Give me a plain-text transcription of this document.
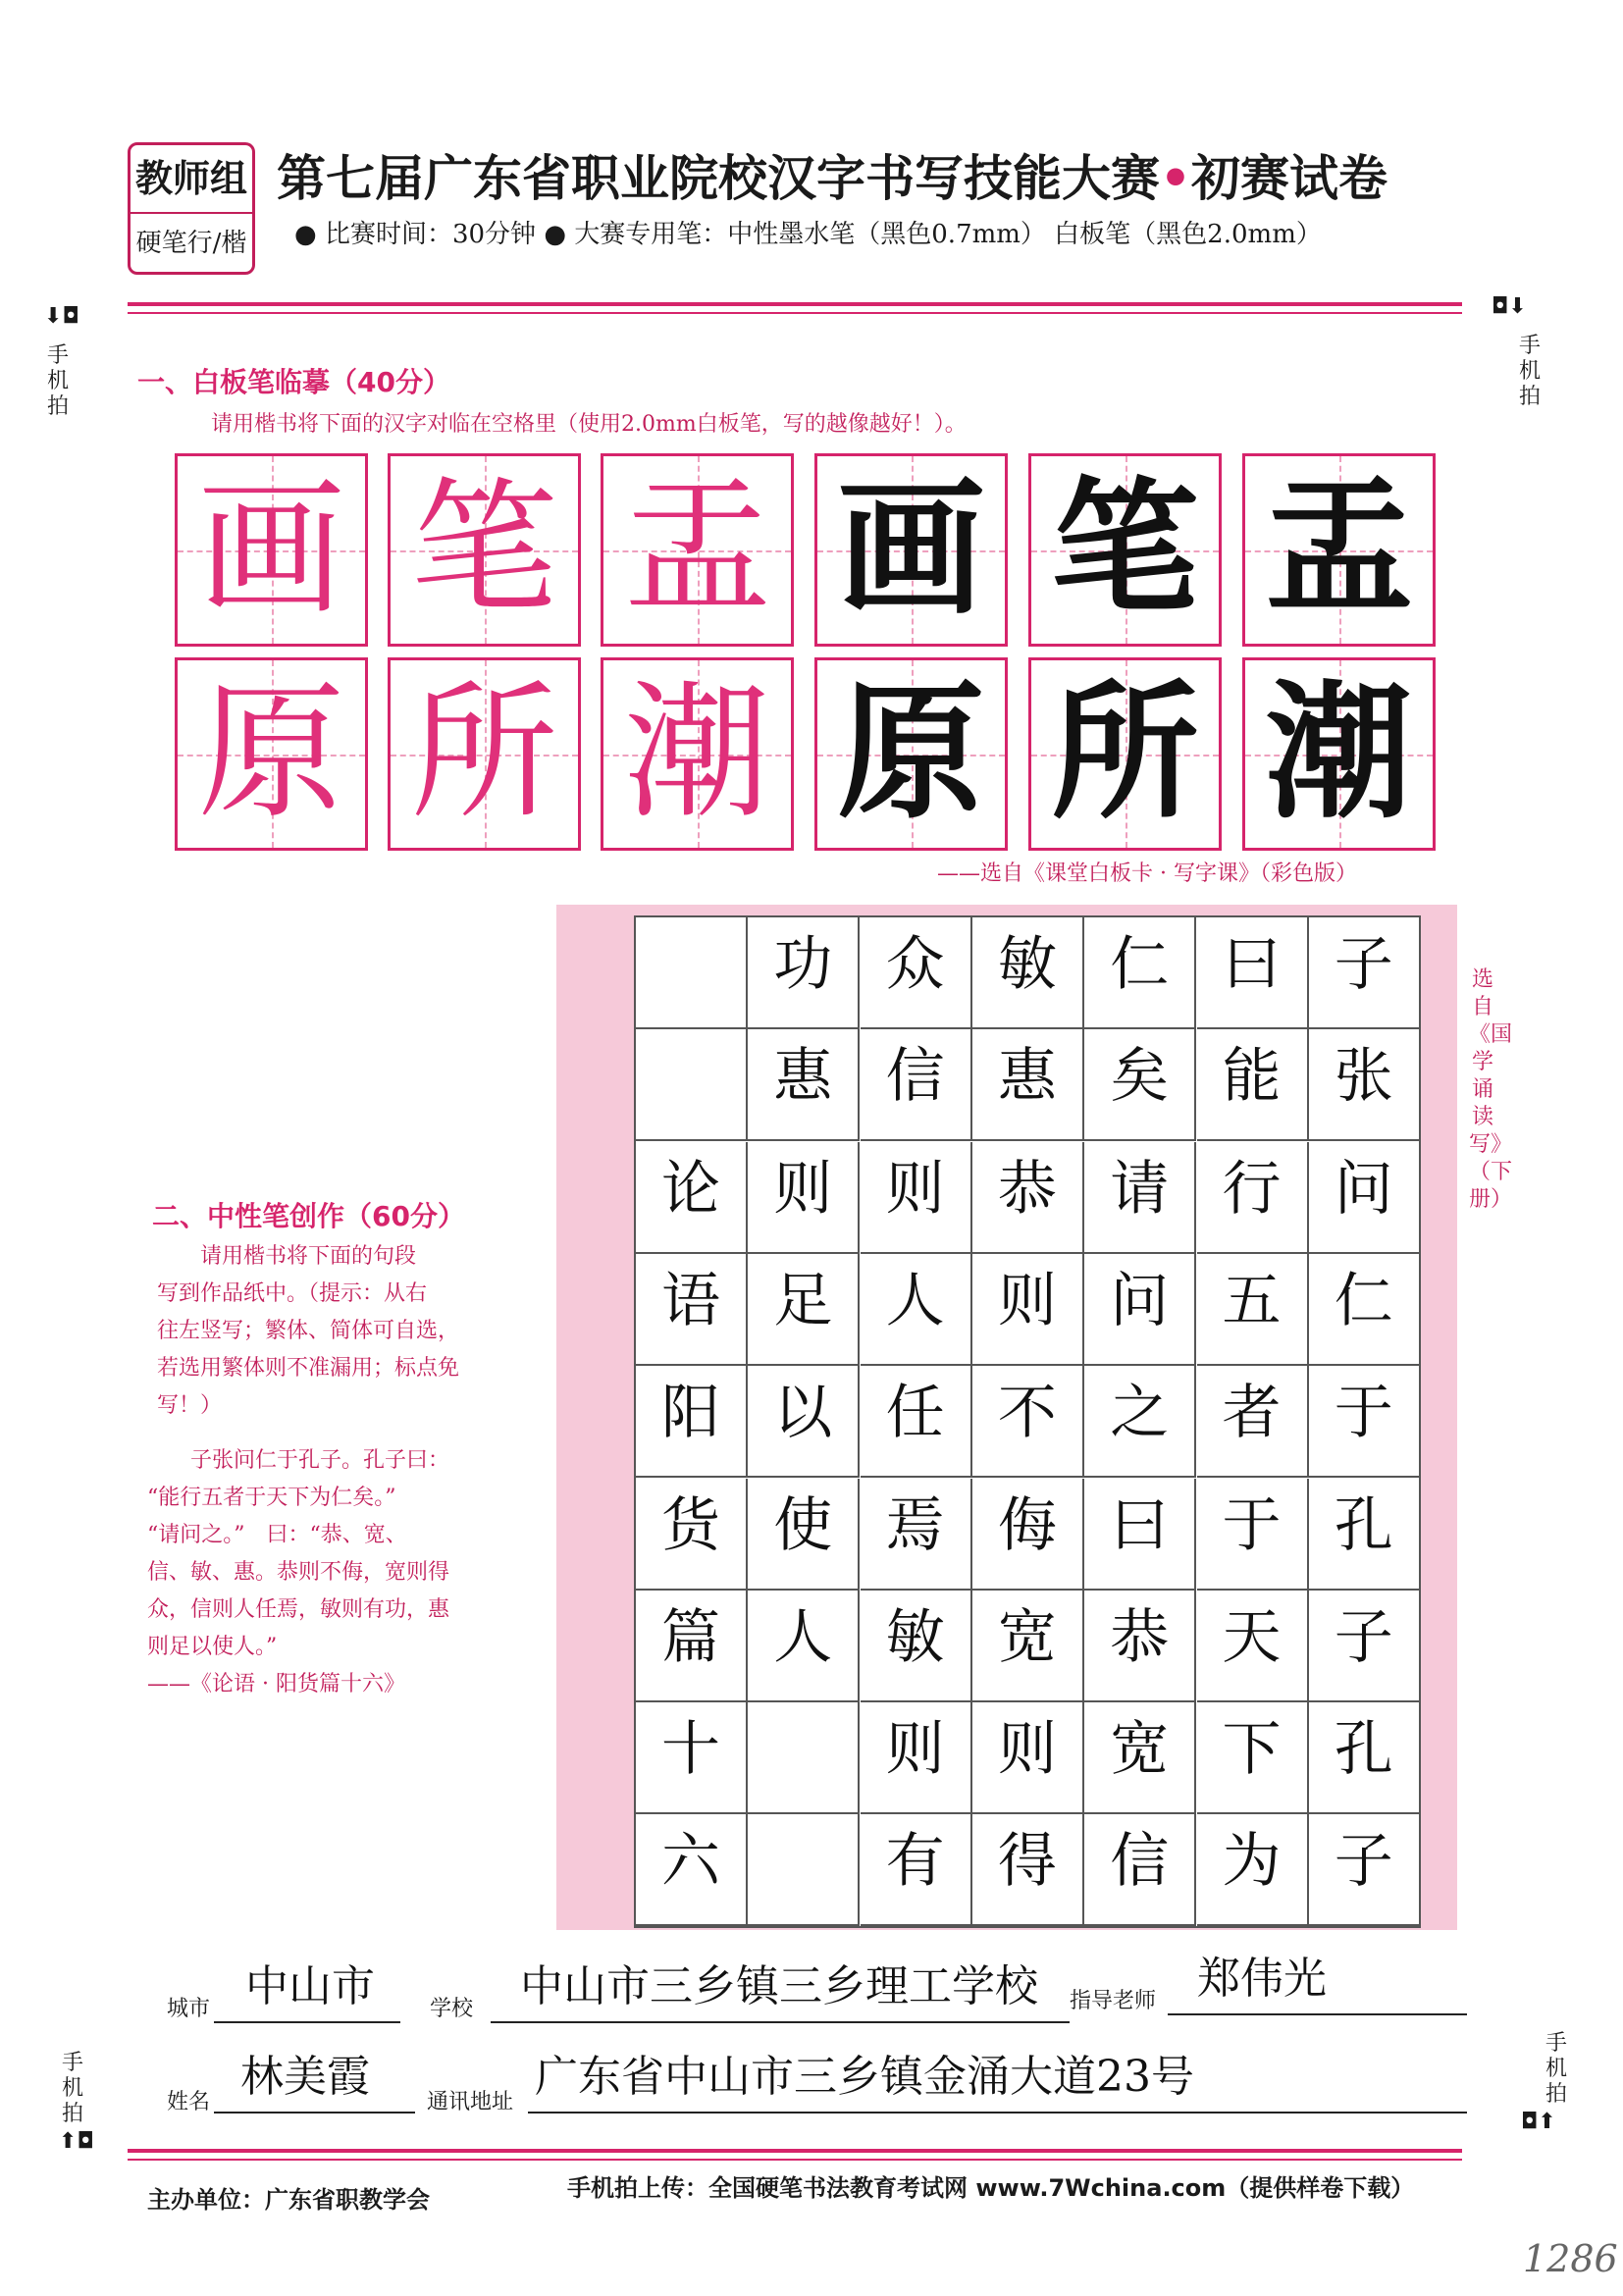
教师组
硬笔行/楷
第七届广东省职业院校汉字书写技能大赛•初赛试卷
● 比赛时间：30分钟 ● 大赛专用笔：中性墨水笔（黑色0.7mm） 白板笔（黑色2.0mm）
⬇◘
手机拍
◘⬇
手机拍
手机拍
⬆◘
手机拍
◘⬆
一、白板笔临摹（40分）
请用楷书将下面的汉字对临在空格里（使用2.0mm白板笔，写的越像越好！）。
画 笔 盂 画 笔 盂
原 所 潮 原 所 潮
——选自《课堂白板卡 · 写字课》（彩色版）
子
张
问
仁
于
孔
子
孔
子
曰
能
行
五
者
于
天
下
为
仁
矣
请
问
之
曰
恭
宽
信
敏
惠
恭
则
不
侮
宽
则
得
众
信
则
人
任
焉
敏
则
有
功
惠
则
足
以
使
人
论
语
阳
货
篇
十
六
选自《国学诵读写》（下册）
二、中性笔创作（60分）
请用楷书将下面的句段
写到作品纸中。（提示：从右
往左竖写；繁体、简体可自选，
若选用繁体则不准漏用；标点免
写！）
子张问仁于孔子。孔子曰：
“能行五者于天下为仁矣。”
“请问之。”　曰：“恭、宽、
信、敏、惠。恭则不侮，宽则得
众，信则人任焉，敏则有功，惠
则足以使人。”
——《论语 · 阳货篇十六》
城市 中山市	学校 中山市三乡镇三乡理工学校 指导老师 郑伟光
姓名
林美霞
通讯地址
广东省中山市三乡镇金涌大道23号
主办单位：广东省职教学会	手机拍上传：全国硬笔书法教育考试网 www.7Wchina.com（提供样卷下载）
1286
